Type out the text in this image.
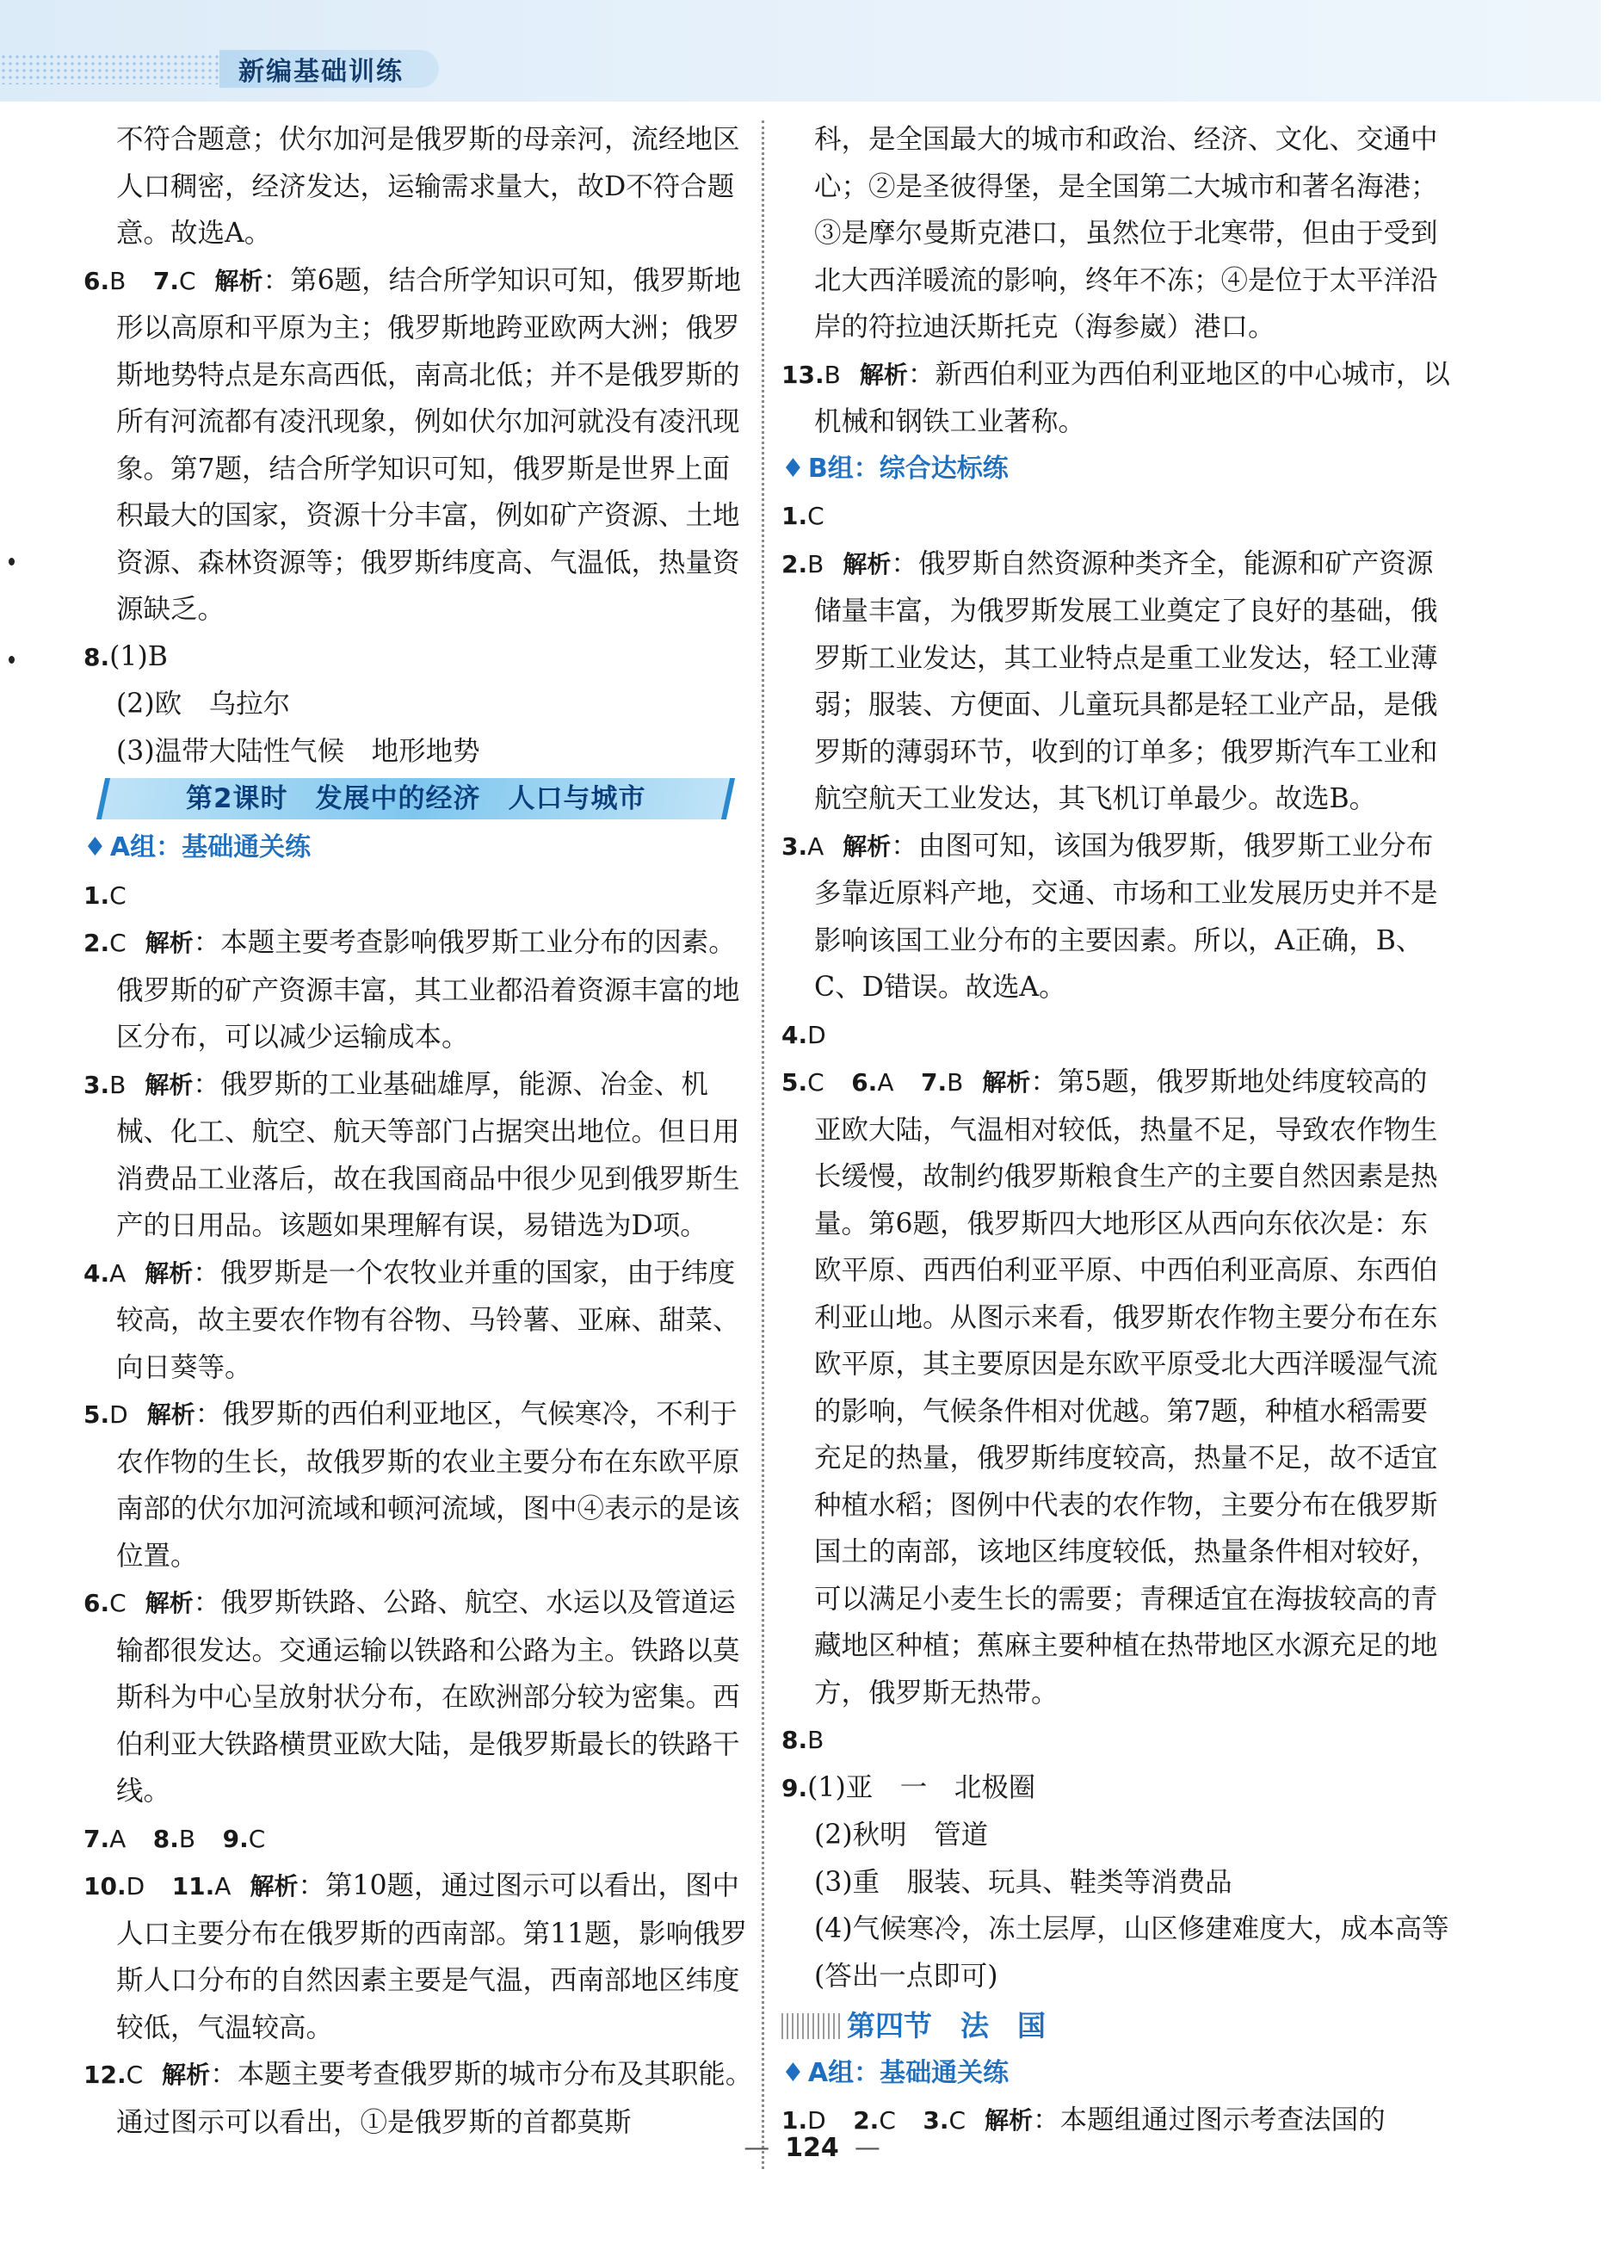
新编基础训练

不符合题意；伏尔加河是俄罗斯的母亲河，流经地区人口稠密，经济发达，运输需求量大，故D不符合题意。故选A。

6.B　 7.C 解析：第6题，结合所学知识可知，俄罗斯地形以高原和平原为主；俄罗斯地跨亚欧两大洲；俄罗斯地势特点是东高西低，南高北低；并不是俄罗斯的所有河流都有凌汛现象，例如伏尔加河就没有凌汛现象。第7题，结合所学知识可知，俄罗斯是世界上面积最大的国家，资源十分丰富，例如矿产资源、土地资源、森林资源等；俄罗斯纬度高、气温低，热量资源缺乏。

8.(1)B

(2)欧　乌拉尔

(3)温带大陆性气候　地形地势

第2课时　发展中的经济　人口与城市

♦ A组：基础通关练

1.C

2.C 解析：本题主要考查影响俄罗斯工业分布的因素。俄罗斯的矿产资源丰富，其工业都沿着资源丰富的地区分布，可以减少运输成本。

3.B 解析：俄罗斯的工业基础雄厚，能源、冶金、机械、化工、航空、航天等部门占据突出地位。但日用消费品工业落后，故在我国商品中很少见到俄罗斯生产的日用品。该题如果理解有误，易错选为D项。

4.A 解析：俄罗斯是一个农牧业并重的国家，由于纬度较高，故主要农作物有谷物、马铃薯、亚麻、甜菜、向日葵等。

5.D 解析：俄罗斯的西伯利亚地区，气候寒冷，不利于农作物的生长，故俄罗斯的农业主要分布在东欧平原南部的伏尔加河流域和顿河流域，图中④表示的是该位置。

6.C 解析：俄罗斯铁路、公路、航空、水运以及管道运输都很发达。交通运输以铁路和公路为主。铁路以莫斯科为中心呈放射状分布，在欧洲部分较为密集。西伯利亚大铁路横贯亚欧大陆，是俄罗斯最长的铁路干线。

7.A　 8.B　 9.C

10.D　 11.A 解析：第10题，通过图示可以看出，图中人口主要分布在俄罗斯的西南部。第11题，影响俄罗斯人口分布的自然因素主要是气温，西南部地区纬度较低，气温较高。

12.C 解析：本题主要考查俄罗斯的城市分布及其职能。通过图示可以看出，①是俄罗斯的首都莫斯

科，是全国最大的城市和政治、经济、文化、交通中心；②是圣彼得堡，是全国第二大城市和著名海港；③是摩尔曼斯克港口，虽然位于北寒带，但由于受到北大西洋暖流的影响，终年不冻；④是位于太平洋沿岸的符拉迪沃斯托克（海参崴）港口。

13.B 解析：新西伯利亚为西伯利亚地区的中心城市，以机械和钢铁工业著称。

♦ B组：综合达标练

1.C

2.B 解析：俄罗斯自然资源种类齐全，能源和矿产资源储量丰富，为俄罗斯发展工业奠定了良好的基础，俄罗斯工业发达，其工业特点是重工业发达，轻工业薄弱；服装、方便面、儿童玩具都是轻工业产品，是俄罗斯的薄弱环节，收到的订单多；俄罗斯汽车工业和航空航天工业发达，其飞机订单最少。故选B。

3.A 解析：由图可知，该国为俄罗斯，俄罗斯工业分布多靠近原料产地，交通、市场和工业发展历史并不是影响该国工业分布的主要因素。所以，A正确，B、C、D错误。故选A。

4.D

5.C　 6.A　 7.B 解析：第5题，俄罗斯地处纬度较高的亚欧大陆，气温相对较低，热量不足，导致农作物生长缓慢，故制约俄罗斯粮食生产的主要自然因素是热量。第6题，俄罗斯四大地形区从西向东依次是：东欧平原、西西伯利亚平原、中西伯利亚高原、东西伯利亚山地。从图示来看，俄罗斯农作物主要分布在东欧平原，其主要原因是东欧平原受北大西洋暖湿气流的影响，气候条件相对优越。第7题，种植水稻需要充足的热量，俄罗斯纬度较高，热量不足，故不适宜种植水稻；图例中代表的农作物，主要分布在俄罗斯国土的南部，该地区纬度较低，热量条件相对较好，可以满足小麦生长的需要；青稞适宜在海拔较高的青藏地区种植；蕉麻主要种植在热带地区水源充足的地方，俄罗斯无热带。

8.B

9.(1)亚　一　北极圈

(2)秋明　管道

(3)重　服装、玩具、鞋类等消费品

(4)气候寒冷，冻土层厚，山区修建难度大，成本高等

(答出一点即可)

第四节　法　国

♦ A组：基础通关练

1.D　 2.C　 3.C 解析：本题组通过图示考查法国的

— 124 —
